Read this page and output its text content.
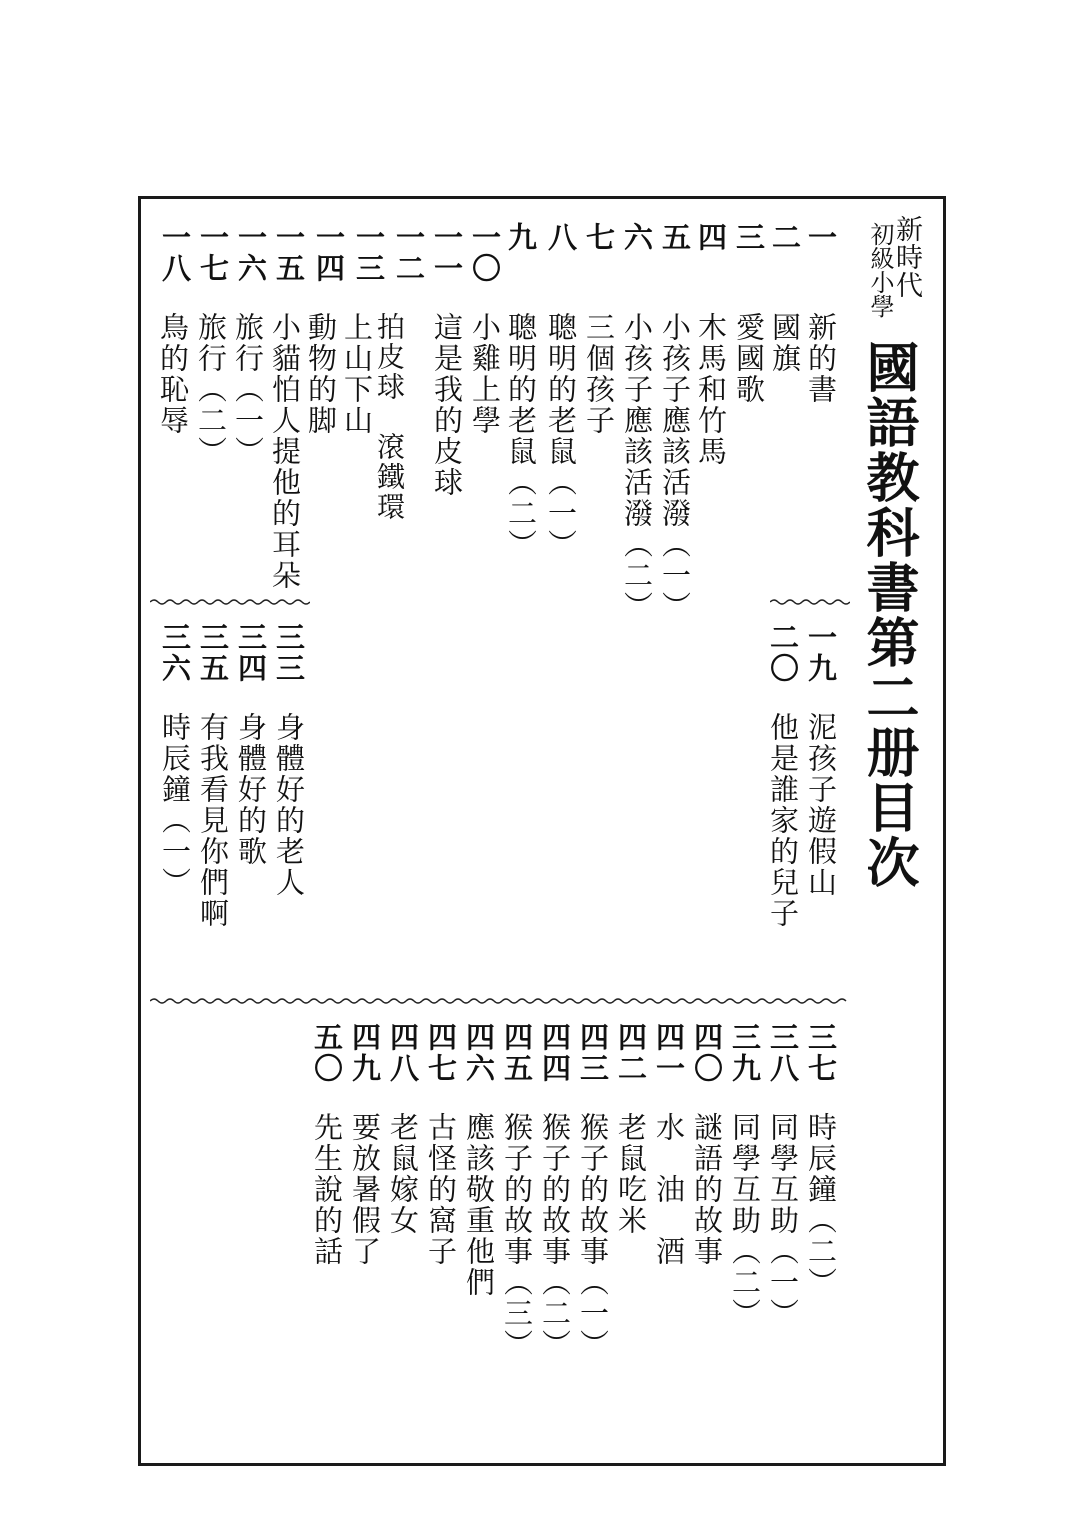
新時代
初級小學
國語教科書第二册目次
一
新的書
二
國旗
三
愛國歌
四
木馬和竹馬
五
小孩子應該活潑（一）
六
小孩子應該活潑（二）
七
三個孩子
八
聰明的老鼠（一）
九
聰明的老鼠（二）
一〇
小雞上學
一一
這是我的皮球
一二
拍皮球　滾鐵環
一三
上山下山
一四
動物的脚
一五
小貓怕人提他的耳朵
一六
旅行（一）
一七
旅行（二）
一八
鳥的恥辱
一九
泥孩子遊假山
二〇
他是誰家的兒子
三三
身體好的老人
三四
身體好的歌
三五
有我看見你們啊
三六
時辰鐘（一）
三七
時辰鐘（二）
三八
同學互助（一）
三九
同學互助（二）
四〇
謎語的故事
四一
水　油　酒
四二
老鼠吃米
四三
猴子的故事（一）
四四
猴子的故事（二）
四五
猴子的故事（三）
四六
應該敬重他們
四七
古怪的窩子
四八
老鼠嫁女
四九
要放暑假了
五〇
先生說的話
